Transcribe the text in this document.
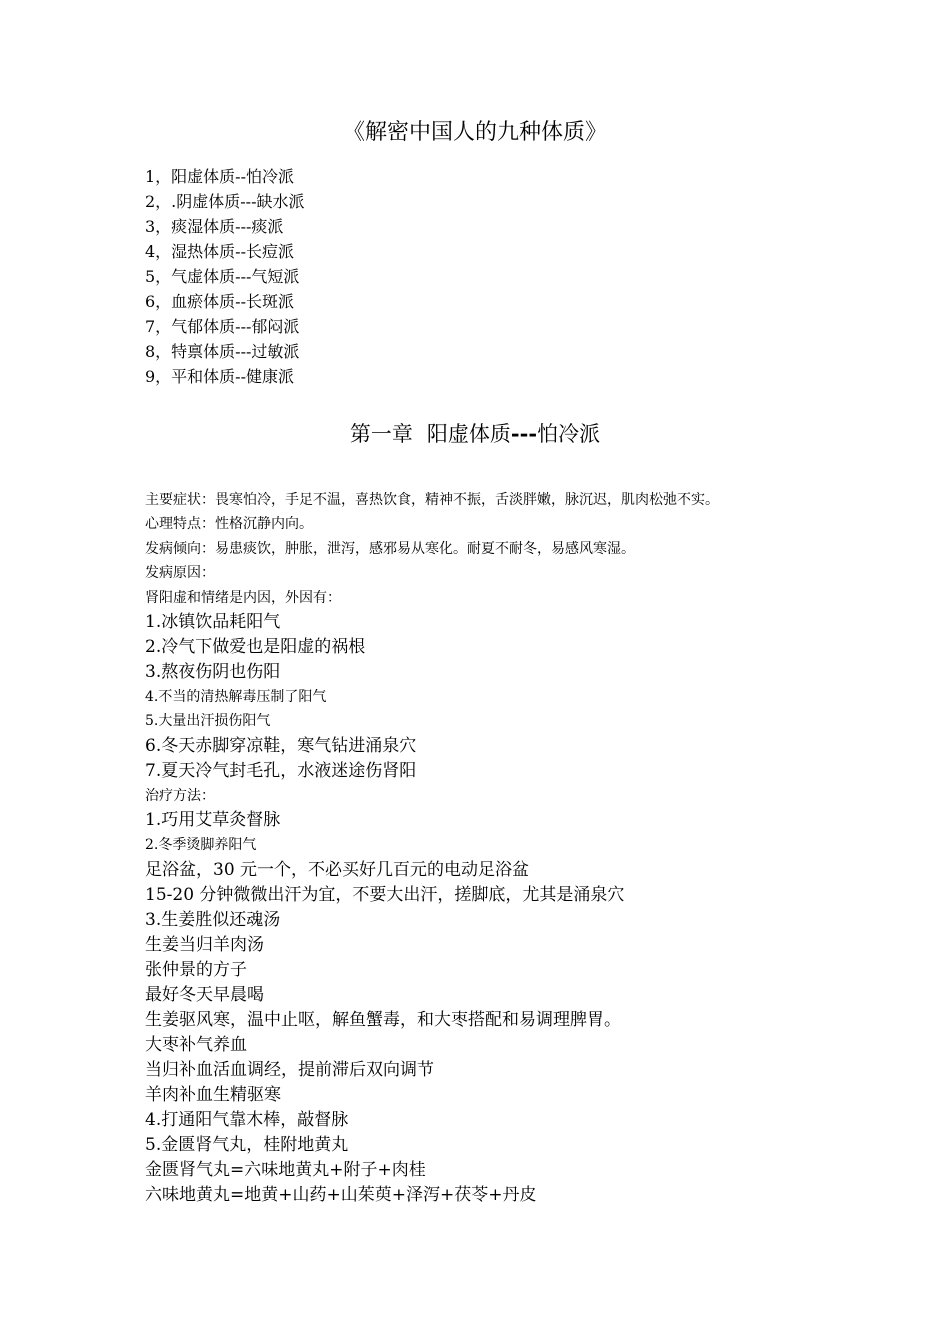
《解密中国人的九种体质》
1，阳虚体质--怕冷派
2，.阴虚体质---缺水派
3，痰湿体质---痰派
4，湿热体质--长痘派
5，气虚体质---气短派
6，血瘀体质--长斑派
7，气郁体质---郁闷派
8，特禀体质---过敏派
9，平和体质--健康派
第一章 阳虚体质---怕冷派

主要症状：畏寒怕冷，手足不温，喜热饮食，精神不振，舌淡胖嫩，脉沉迟，肌肉松弛不实。

心理特点：性格沉静内向。

发病倾向：易患痰饮，肿胀，泄泻，感邪易从寒化。耐夏不耐冬，易感风寒湿。

发病原因：

肾阳虚和情绪是内因，外因有：

1.冰镇饮品耗阳气

2.冷气下做爱也是阳虚的祸根

3.熬夜伤阴也伤阳

4.不当的清热解毒压制了阳气

5.大量出汗损伤阳气

6.冬天赤脚穿凉鞋，寒气钻进涌泉穴

7.夏天冷气封毛孔，水液迷途伤肾阳

治疗方法：

1.巧用艾草灸督脉

2.冬季烫脚养阳气

足浴盆，30 元一个，不必买好几百元的电动足浴盆

15-20 分钟微微出汗为宜，不要大出汗，搓脚底，尤其是涌泉穴

3.生姜胜似还魂汤

生姜当归羊肉汤

张仲景的方子

最好冬天早晨喝

生姜驱风寒，温中止呕，解鱼蟹毒，和大枣搭配和易调理脾胃。

大枣补气养血

当归补血活血调经，提前滞后双向调节

羊肉补血生精驱寒

4.打通阳气靠木棒，敲督脉

5.金匮肾气丸，桂附地黄丸

金匮肾气丸=六味地黄丸+附子+肉桂

六味地黄丸=地黄+山药+山茱萸+泽泻+茯苓+丹皮
